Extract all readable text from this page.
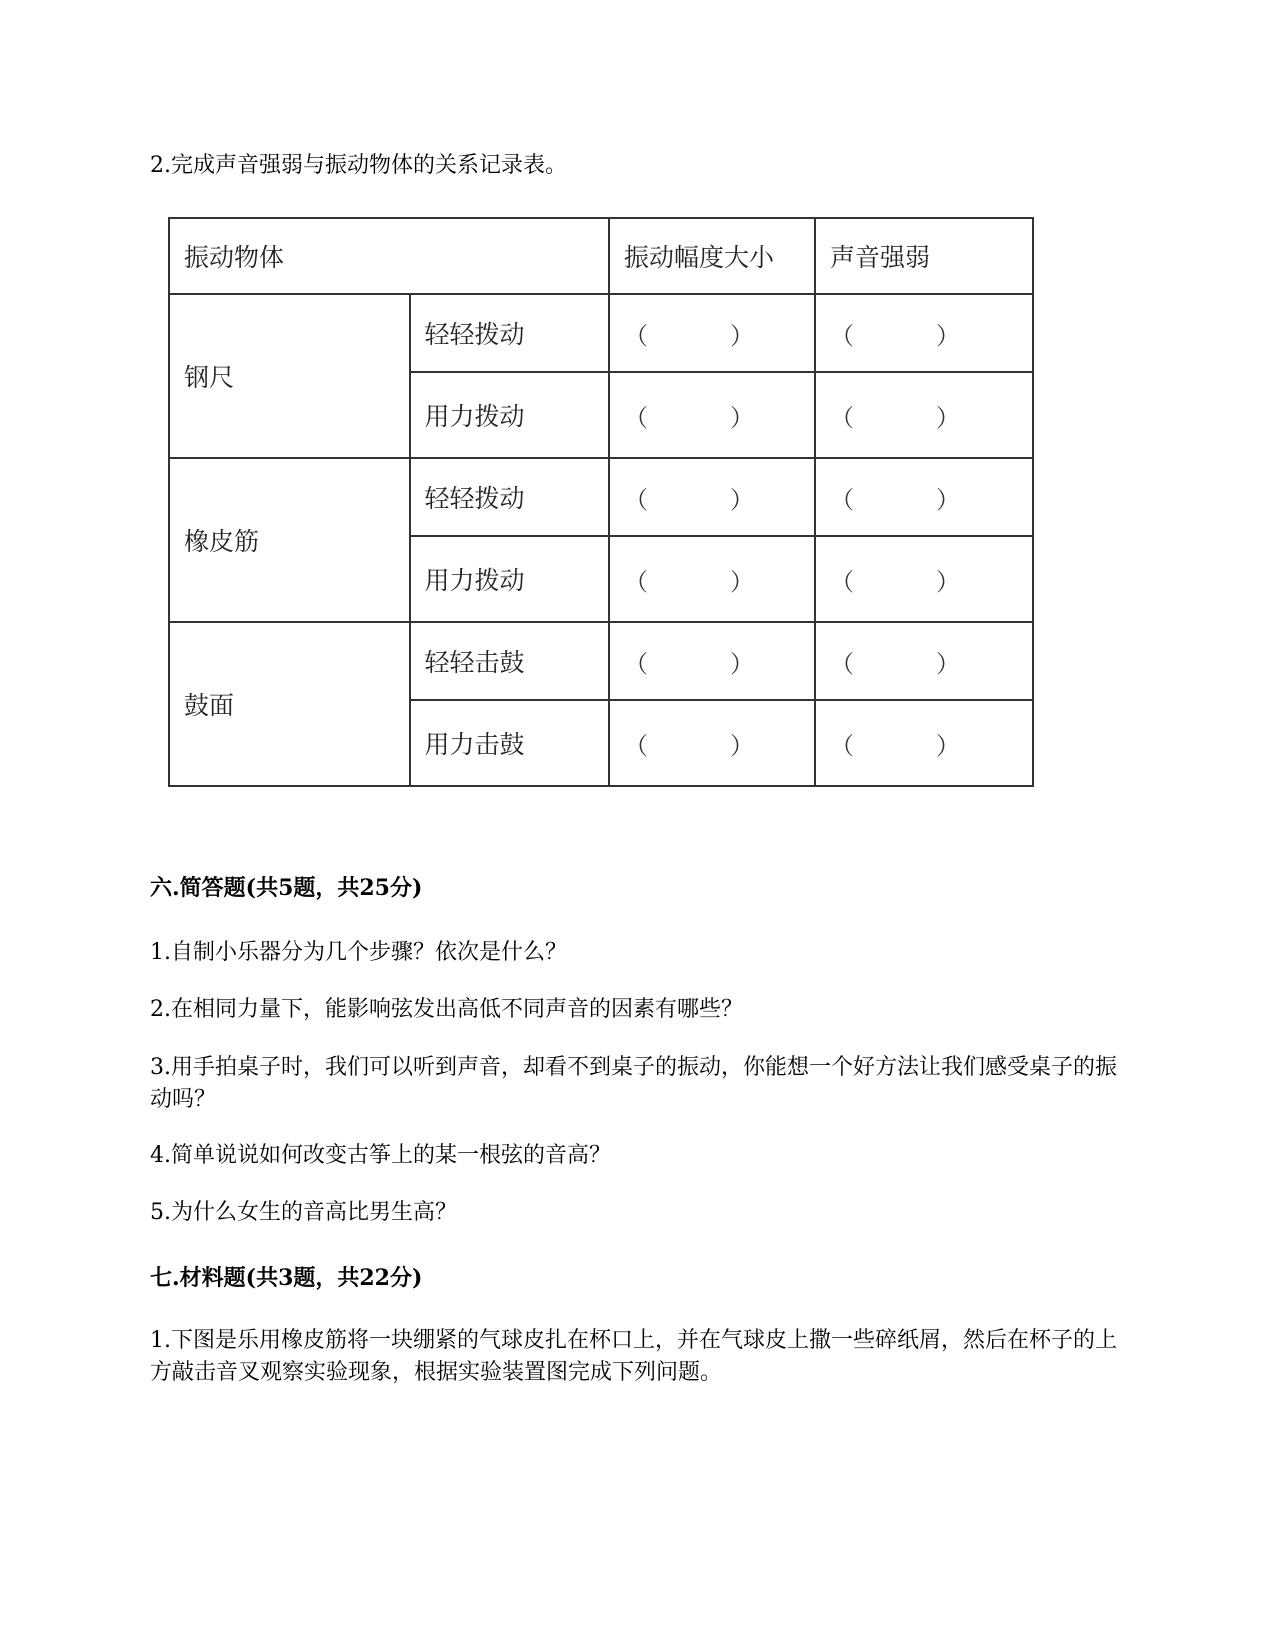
2.完成声音强弱与振动物体的关系记录表。

振动物体		振动幅度大小	声音强弱
钢尺	轻轻拨动	（ ）	（ ）
	用力拨动	（ ）	（ ）
橡皮筋	轻轻拨动	（ ）	（ ）
	用力拨动	（ ）	（ ）
鼓面	轻轻击鼓	（ ）	（ ）
	用力击鼓	（ ）	（ ）
六.简答题(共5题，共25分)

1.自制小乐器分为几个步骤？依次是什么？

2.在相同力量下，能影响弦发出高低不同声音的因素有哪些？

3.用手拍桌子时，我们可以听到声音，却看不到桌子的振动，你能想一个好方法让我们感受桌子的振动吗？

4.简单说说如何改变古筝上的某一根弦的音高？

5.为什么女生的音高比男生高？

七.材料题(共3题，共22分)

1.下图是乐用橡皮筋将一块绷紧的气球皮扎在杯口上，并在气球皮上撒一些碎纸屑，然后在杯子的上方敲击音叉观察实验现象，根据实验装置图完成下列问题。
